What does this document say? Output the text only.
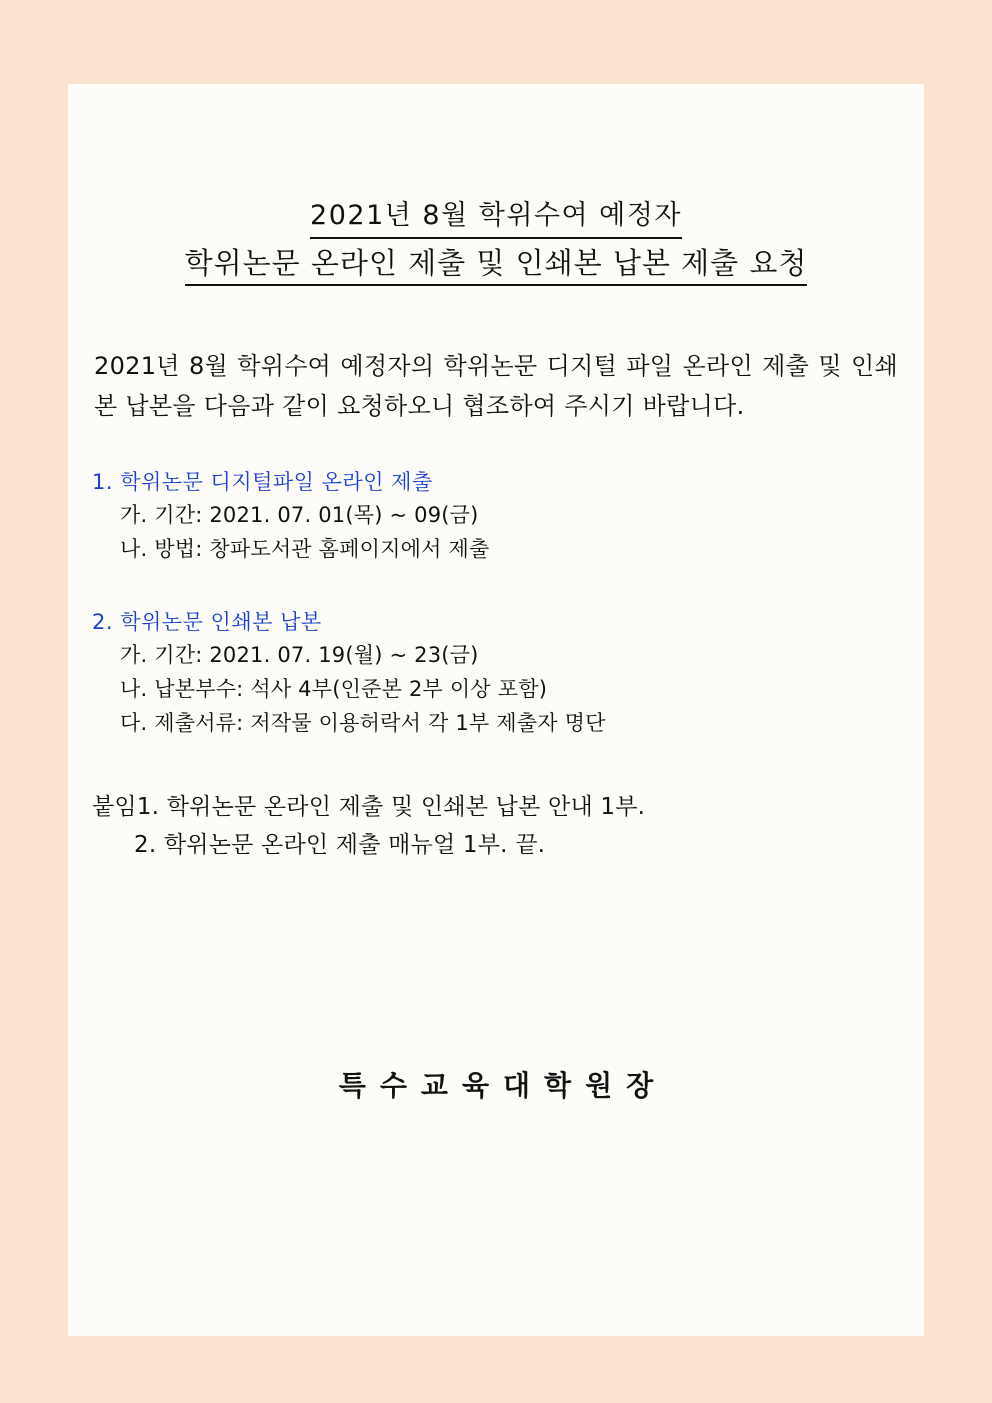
2021년 8월 학위수여 예정자 학위논문 온라인 제출 및 인쇄본 납본 제출 요청
2021년 8월 학위수여 예정자의 학위논문 디지털 파일 온라인 제출 및 인쇄본 납본을 다음과 같이 요청하오니 협조하여 주시기 바랍니다.
1. 학위논문 디지털파일 온라인 제출
가. 기간: 2021. 07. 01(목) ~ 09(금)
나. 방법: 창파도서관 홈페이지에서 제출
2. 학위논문 인쇄본 납본
가. 기간: 2021. 07. 19(월) ~ 23(금)
나. 납본부수: 석사 4부(인준본 2부 이상 포함)
다. 제출서류: 저작물 이용허락서 각 1부 제출자 명단
붙임1. 학위논문 온라인 제출 및 인쇄본 납본 안내 1부.
2. 학위논문 온라인 제출 매뉴얼 1부. 끝.
특수교육대학원장
